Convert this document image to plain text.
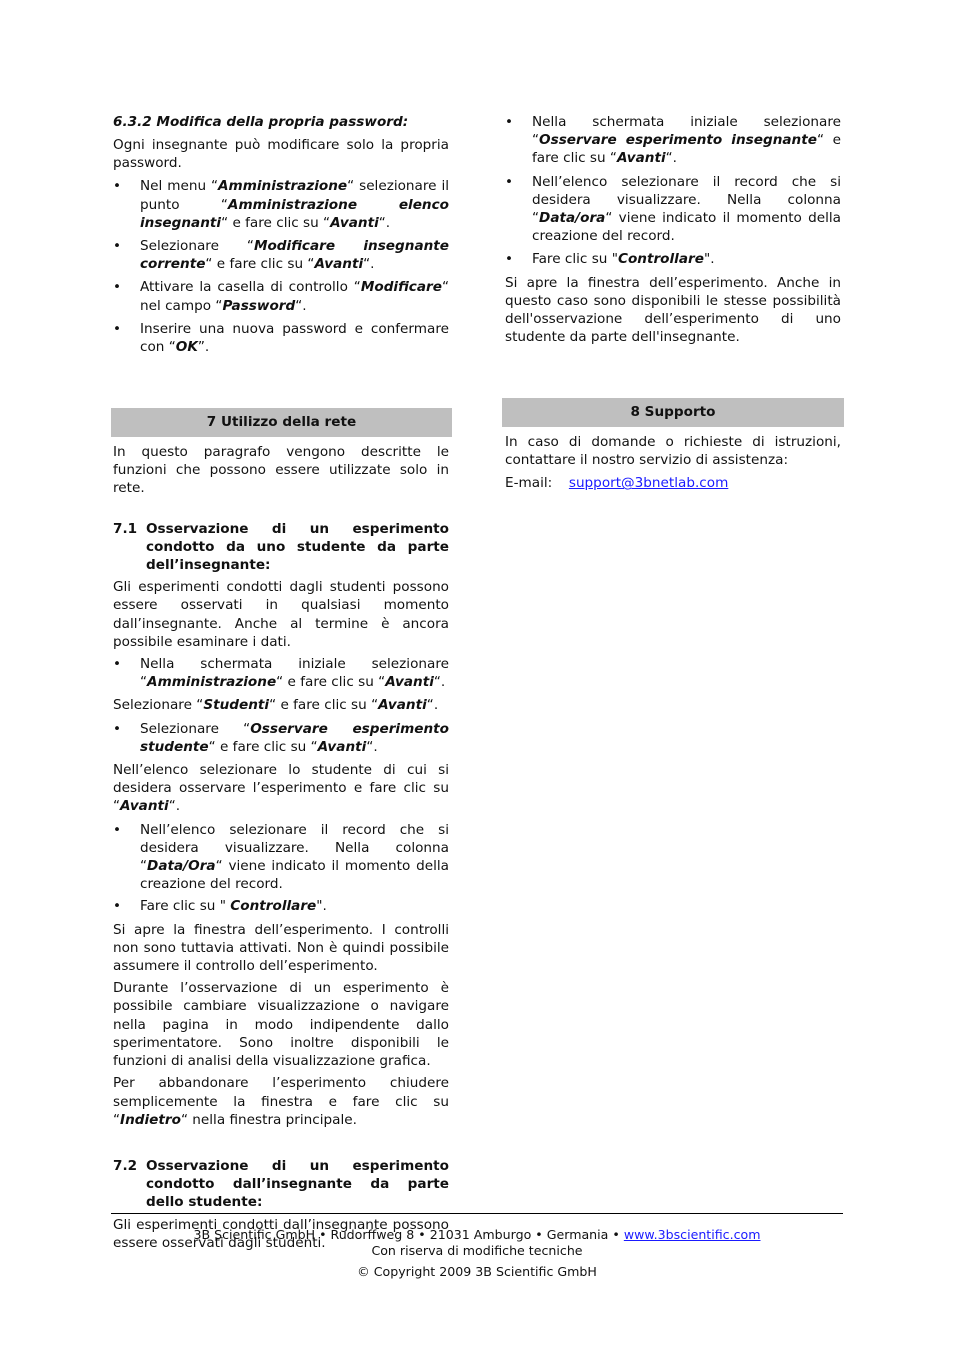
6.3.2 Modifica della propria password:

Ogni insegnante può modificare solo la propria password.

• Nel menu “Amministrazione“ selezionare il punto “Amministrazione elenco insegnanti“ e fare clic su “Avanti“.
• Selezionare “Modificare insegnante corrente“ e fare clic su “Avanti“.
• Attivare la casella di controllo “Modificare“ nel campo “Password“.
• Inserire una nuova password e confermare con “OK”.
7 Utilizzo della rete

In questo paragrafo vengono descritte le funzioni che possono essere utilizzate solo in rete.

7.1 Osservazione di un esperimento condotto da uno studente da parte dell’insegnante:

Gli esperimenti condotti dagli studenti possono essere osservati in qualsiasi momento dall’insegnante. Anche al termine è ancora possibile esaminare i dati.

• Nella schermata iniziale selezionare “Amministrazione“ e fare clic su “Avanti“.

Selezionare “Studenti“ e fare clic su “Avanti“.

• Selezionare “Osservare esperimento studente“ e fare clic su “Avanti“.

Nell’elenco selezionare lo studente di cui si desidera osservare l’esperimento e fare clic su “Avanti“.

• Nell’elenco selezionare il record che si desidera visualizzare. Nella colonna “Data/Ora“ viene indicato il momento della creazione del record.
• Fare clic su " Controllare".

Si apre la finestra dell’esperimento. I controlli non sono tuttavia attivati. Non è quindi possibile assumere il controllo dell’esperimento.

Durante l’osservazione di un esperimento è possibile cambiare visualizzazione o navigare nella pagina in modo indipendente dallo sperimentatore. Sono inoltre disponibili le funzioni di analisi della visualizzazione grafica.

Per abbandonare l’esperimento chiudere semplicemente la finestra e fare clic su “Indietro“ nella finestra principale.

7.2 Osservazione di un esperimento condotto dall’insegnante da parte dello studente:

Gli esperimenti condotti dall’insegnante possono essere osservati dagli studenti.

• Nella schermata iniziale selezionare “Osservare esperimento insegnante“ e fare clic su “Avanti“.
• Nell’elenco selezionare il record che si desidera visualizzare. Nella colonna “Data/ora“ viene indicato il momento della creazione del record.
• Fare clic su "Controllare".

Si apre la finestra dell’esperimento. Anche in questo caso sono disponibili le stesse possibilità dell'osservazione dell’esperimento di uno studente da parte dell'insegnante.

8 Supporto

In caso di domande o richieste di istruzioni, contattare il nostro servizio di assistenza:

E-mail: support@3bnetlab.com

3B Scientific GmbH • Rudorffweg 8 • 21031 Amburgo • Germania • www.3bscientific.com
Con riserva di modifiche tecniche
© Copyright 2009 3B Scientific GmbH
